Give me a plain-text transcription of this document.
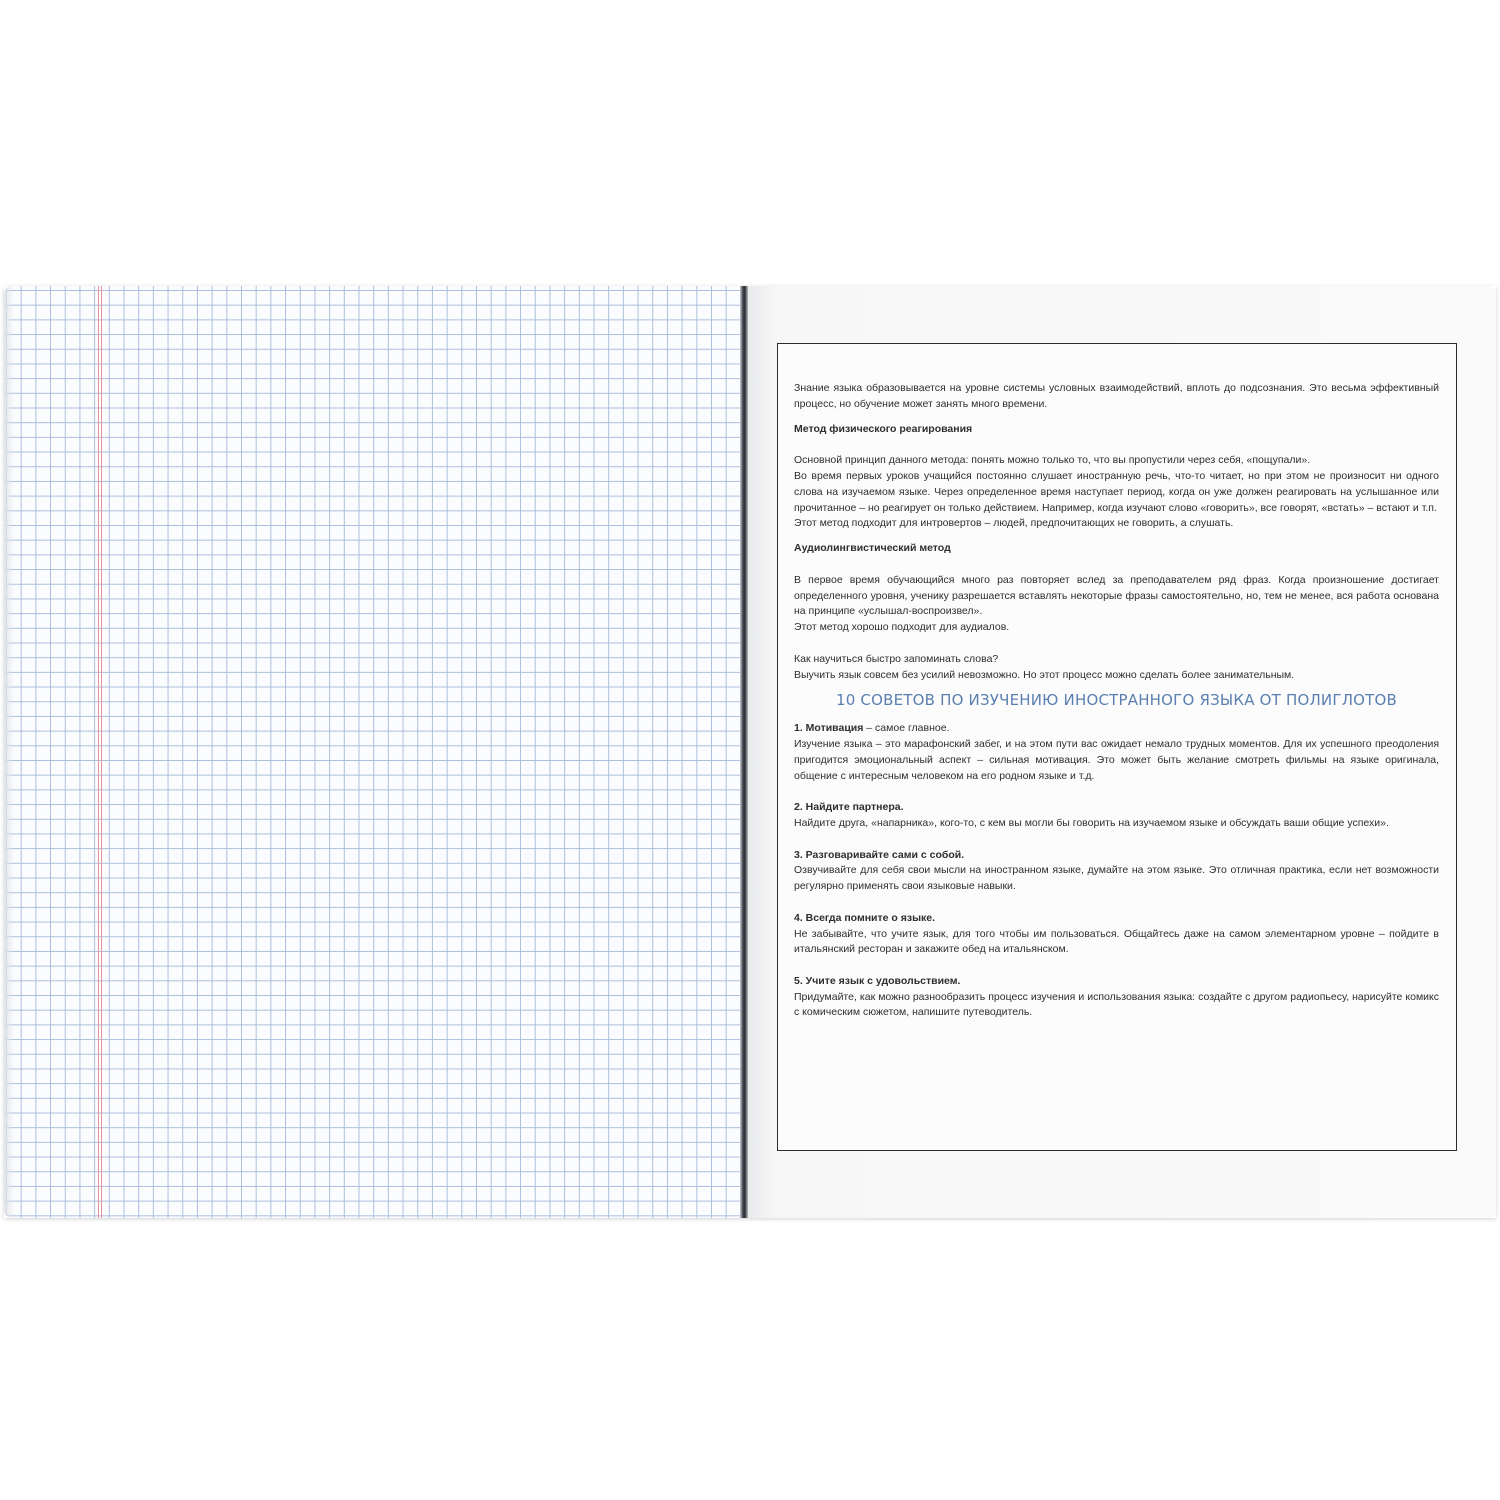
Знание языка образовывается на уровне системы условных взаимодействий, вплоть до подсознания. Это весьма эффективный процесс, но обучение может занять много времени.

Метод физического реагирования

Основной принцип данного метода: понять можно только то, что вы пропустили через себя, «пощупали».

Во время первых уроков учащийся постоянно слушает иностранную речь, что-то читает, но при этом не произносит ни одного слова на изучаемом языке. Через определенное время наступает период, когда он уже должен реагировать на услышанное или прочитанное – но реагирует он только действием. Например, когда изучают слово «говорить», все говорят, «встать» – встают и т.п.

Этот метод подходит для интровертов – людей, предпочитающих не говорить, а слушать.

Аудиолингвистический метод

В первое время обучающийся много раз повторяет вслед за преподавателем ряд фраз. Когда произношение достигает определенного уровня, ученику разрешается вставлять некоторые фразы самостоятельно, но, тем не менее, вся работа основана на принципе «услышал-воспроизвел».

Этот метод хорошо подходит для аудиалов.

Как научиться быстро запоминать слова?

Выучить язык совсем без усилий невозможно. Но этот процесс можно сделать более занимательным.

10 СОВЕТОВ ПО ИЗУЧЕНИЮ ИНОСТРАННОГО ЯЗЫКА ОТ ПОЛИГЛОТОВ

1. Мотивация – самое главное.

Изучение языка – это марафонский забег, и на этом пути вас ожидает немало трудных моментов. Для их успешного преодоления пригодится эмоциональный аспект – сильная мотивация. Это может быть желание смотреть фильмы на языке оригинала, общение с интересным человеком на его родном языке и т.д.

2. Найдите партнера.

Найдите друга, «напарника», кого-то, с кем вы могли бы говорить на изучаемом языке и обсуждать ваши общие успехи».

3. Разговаривайте сами с собой.

Озвучивайте для себя свои мысли на иностранном языке, думайте на этом языке. Это отличная практика, если нет возможности регулярно применять свои языковые навыки.

4. Всегда помните о языке.

Не забывайте, что учите язык, для того чтобы им пользоваться. Общайтесь даже на самом элементарном уровне – пойдите в итальянский ресторан и закажите обед на итальянском.

5. Учите язык с удовольствием.

Придумайте, как можно разнообразить процесс изучения и использования языка: создайте с другом радиопьесу, нарисуйте комикс с комическим сюжетом, напишите путеводитель.
